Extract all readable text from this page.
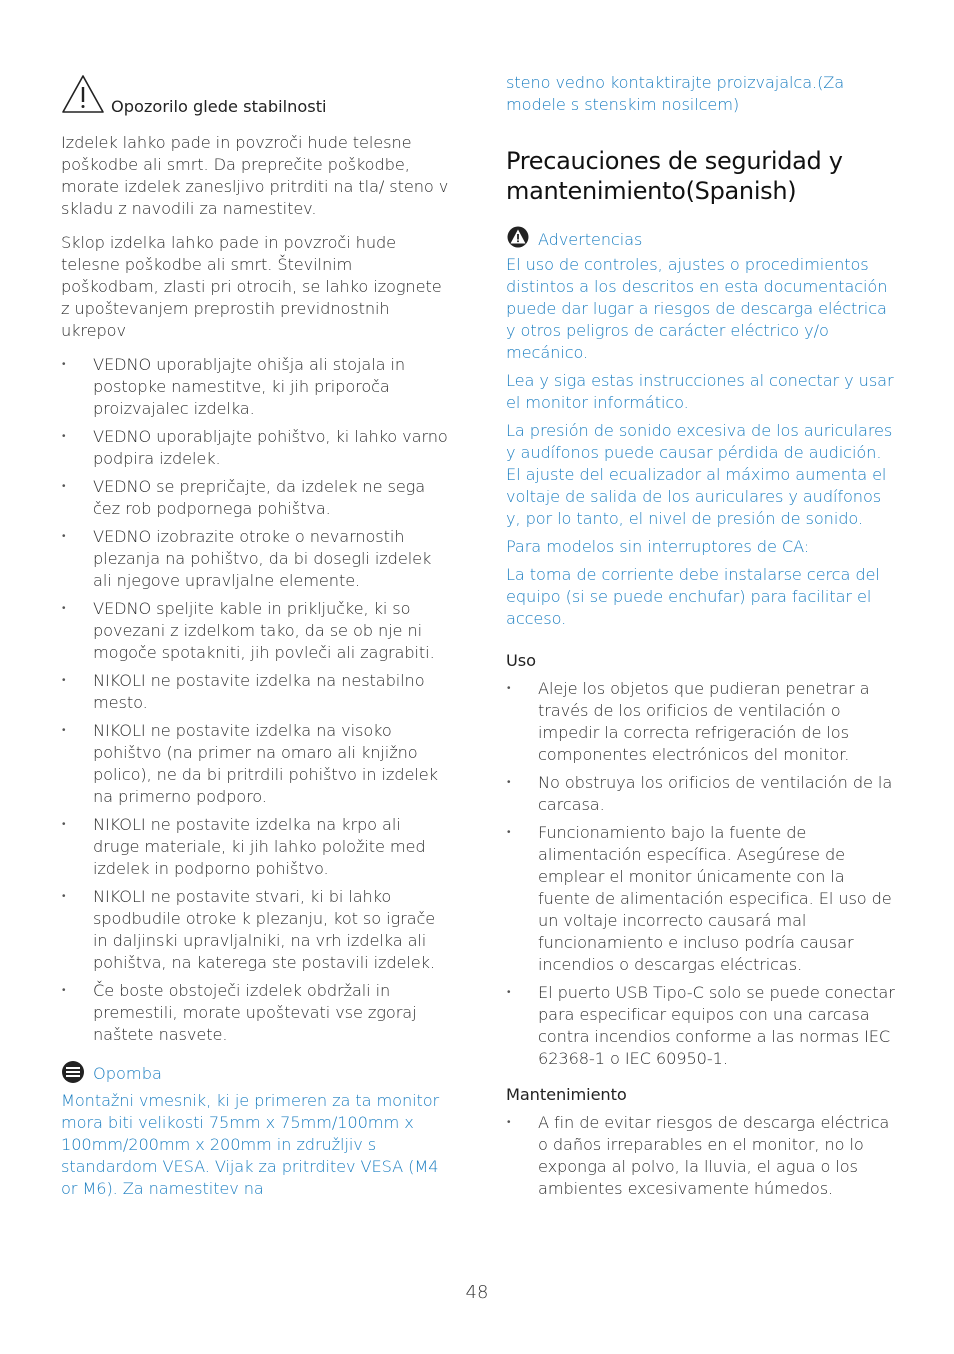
Opozorilo glede stabilnosti

Izdelek lahko pade in povzroči hude telesne poškodbe ali smrt. Da preprečite poškodbe, morate izdelek zanesljivo pritrditi na tla/ steno v skladu z navodili za namestitev.

Sklop izdelka lahko pade in povzroči hude telesne poškodbe ali smrt. Številnim poškodbam, zlasti pri otrocih, se lahko izognete z upoštevanjem preprostih previdnostnih ukrepov

• VEDNO uporabljajte ohišja ali stojala in postopke namestitve, ki jih priporoča proizvajalec izdelka.
• VEDNO uporabljajte pohištvo, ki lahko varno podpira izdelek.
• VEDNO se prepričajte, da izdelek ne sega čez rob podpornega pohištva.
• VEDNO izobrazite otroke o nevarnostih plezanja na pohištvo, da bi dosegli izdelek ali njegove upravljalne elemente.
• VEDNO speljite kable in priključke, ki so povezani z izdelkom tako, da se ob nje ni mogoče spotakniti, jih povleči ali zagrabiti.
• NIKOLI ne postavite izdelka na nestabilno mesto.
• NIKOLI ne postavite izdelka na visoko pohištvo (na primer na omaro ali knjižno polico), ne da bi pritrdili pohištvo in izdelek na primerno podporo.
• NIKOLI ne postavite izdelka na krpo ali druge materiale, ki jih lahko položite med izdelek in podporno pohištvo.
• NIKOLI ne postavite stvari, ki bi lahko spodbudile otroke k plezanju, kot so igrače in daljinski upravljalniki, na vrh izdelka ali pohištva, na katerega ste postavili izdelek.
• Če boste obstoječi izdelek obdržali in premestili, morate upoštevati vse zgoraj naštete nasvete.
Opomba

Montažni vmesnik, ki je primeren za ta monitor mora biti velikosti 75mm x 75mm/100mm x 100mm/200mm x 200mm in združljiv s standardom VESA. Vijak za pritrditev VESA (M4 or M6). Za namestitev na

steno vedno kontaktirajte proizvajalca.(Za modele s stenskim nosilcem)

Precauciones de seguridad y mantenimiento(Spanish)
Advertencias

El uso de controles, ajustes o procedimientos distintos a los descritos en esta documentación puede dar lugar a riesgos de descarga eléctrica y otros peligros de carácter eléctrico y/o mecánico.

Lea y siga estas instrucciones al conectar y usar el monitor informático.

La presión de sonido excesiva de los auriculares y audífonos puede causar pérdida de audición. El ajuste del ecualizador al máximo aumenta el voltaje de salida de los auriculares y audífonos y, por lo tanto, el nivel de presión de sonido.

Para modelos sin interruptores de CA:

La toma de corriente debe instalarse cerca del equipo (si se puede enchufar) para facilitar el acceso.

Uso

• Aleje los objetos que pudieran penetrar a través de los orificios de ventilación o impedir la correcta refrigeración de los componentes electrónicos del monitor.
• No obstruya los orificios de ventilación de la carcasa.
• Funcionamiento bajo la fuente de alimentación específica. Asegúrese de emplear el monitor únicamente con la fuente de alimentación especifica. El uso de un voltaje incorrecto causará mal funcionamiento e incluso podría causar incendios o descargas eléctricas.
• El puerto USB Tipo-C solo se puede conectar para especificar equipos con una carcasa contra incendios conforme a las normas IEC 62368-1 o IEC 60950-1.

Mantenimiento

• A fin de evitar riesgos de descarga eléctrica o daños irreparables en el monitor, no lo exponga al polvo, la lluvia, el agua o los ambientes excesivamente húmedos.
48
